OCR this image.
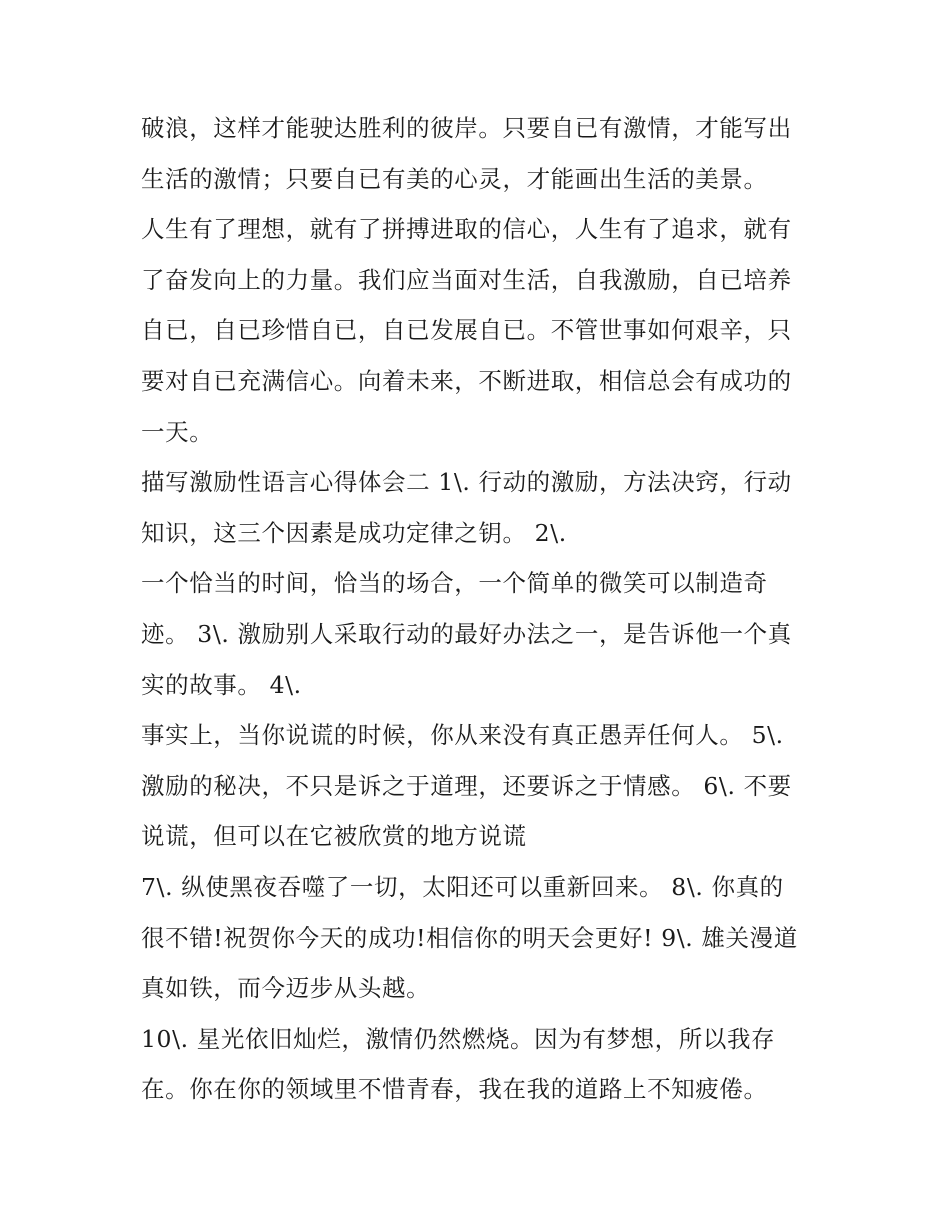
破浪，这样才能驶达胜利的彼岸。只要自已有激情，才能写出
生活的激情；只要自已有美的心灵，才能画出生活的美景。
人生有了理想，就有了拼搏进取的信心，人生有了追求，就有
了奋发向上的力量。我们应当面对生活，自我激励，自已培养
自已，自已珍惜自已，自已发展自已。不管世事如何艰辛，只
要对自已充满信心。向着未来，不断进取，相信总会有成功的
一天。
描写激励性语言心得体会二 1\. 行动的激励，方法决窍，行动
知识，这三个因素是成功定律之钥。 2\.
一个恰当的时间，恰当的场合，一个简单的微笑可以制造奇
迹。 3\. 激励别人采取行动的最好办法之一，是告诉他一个真
实的故事。 4\.
事实上，当你说谎的时候，你从来没有真正愚弄任何人。 5\.
激励的秘决，不只是诉之于道理，还要诉之于情感。 6\. 不要
说谎，但可以在它被欣赏的地方说谎
7\. 纵使黑夜吞噬了一切，太阳还可以重新回来。 8\. 你真的
很不错!祝贺你今天的成功!相信你的明天会更好! 9\. 雄关漫道
真如铁，而今迈步从头越。
10\. 星光依旧灿烂，激情仍然燃烧。因为有梦想，所以我存
在。你在你的领域里不惜青春，我在我的道路上不知疲倦。
